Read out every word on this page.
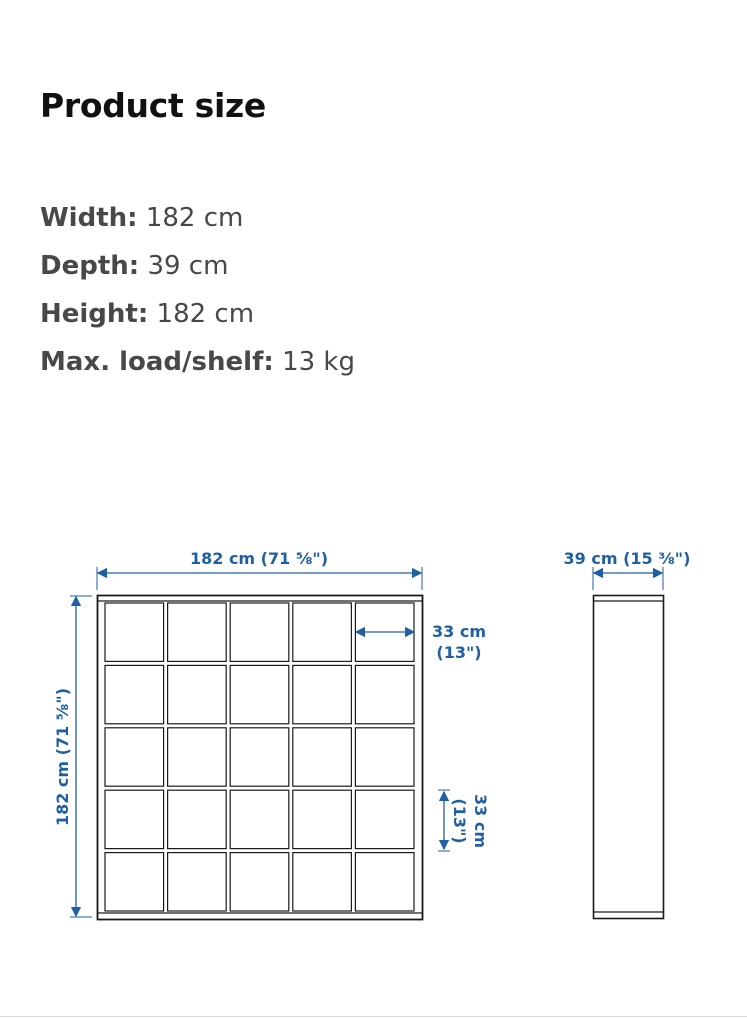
Product size
Width: 182 cm
Depth: 39 cm
Height: 182 cm
Max. load/shelf: 13 kg
182 cm (71 ⅝")
182 cm (71 ⅝")
33 cm
(13")
33 cm
(13")
39 cm (15 ⅜")
